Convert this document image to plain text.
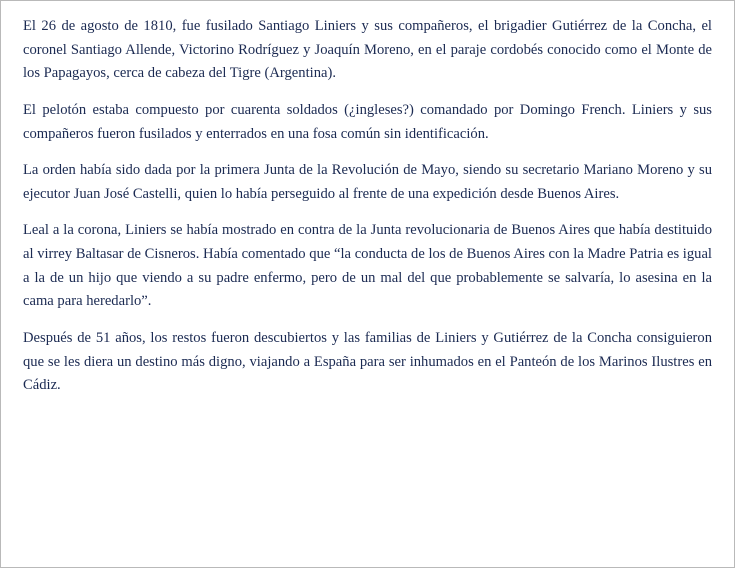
El 26 de agosto de 1810, fue fusilado Santiago Liniers y sus compañeros, el brigadier Gutiérrez de la Concha, el coronel Santiago Allende, Victorino Rodríguez y Joaquín Moreno, en el paraje cordobés conocido como el Monte de los Papagayos, cerca de cabeza del Tigre (Argentina).

El pelotón estaba compuesto por cuarenta soldados (¿ingleses?) comandado por Domingo French. Liniers y sus compañeros fueron fusilados y enterrados en una fosa común sin identificación.

La orden había sido dada por la primera Junta de la Revolución de Mayo, siendo su secretario Mariano Moreno y su ejecutor Juan José Castelli, quien lo había perseguido al frente de una expedición desde Buenos Aires.

Leal a la corona, Liniers se había mostrado en contra de la Junta revolucionaria de Buenos Aires que había destituido al virrey Baltasar de Cisneros. Había comentado que “la conducta de los de Buenos Aires con la Madre Patria es igual a la de un hijo que viendo a su padre enfermo, pero de un mal del que probablemente se salvaría, lo asesina en la cama para heredarlo”.

Después de 51 años, los restos fueron descubiertos y las familias de Liniers y Gutiérrez de la Concha consiguieron que se les diera un destino más digno, viajando a España para ser inhumados en el Panteón de los Marinos Ilustres en Cádiz.
